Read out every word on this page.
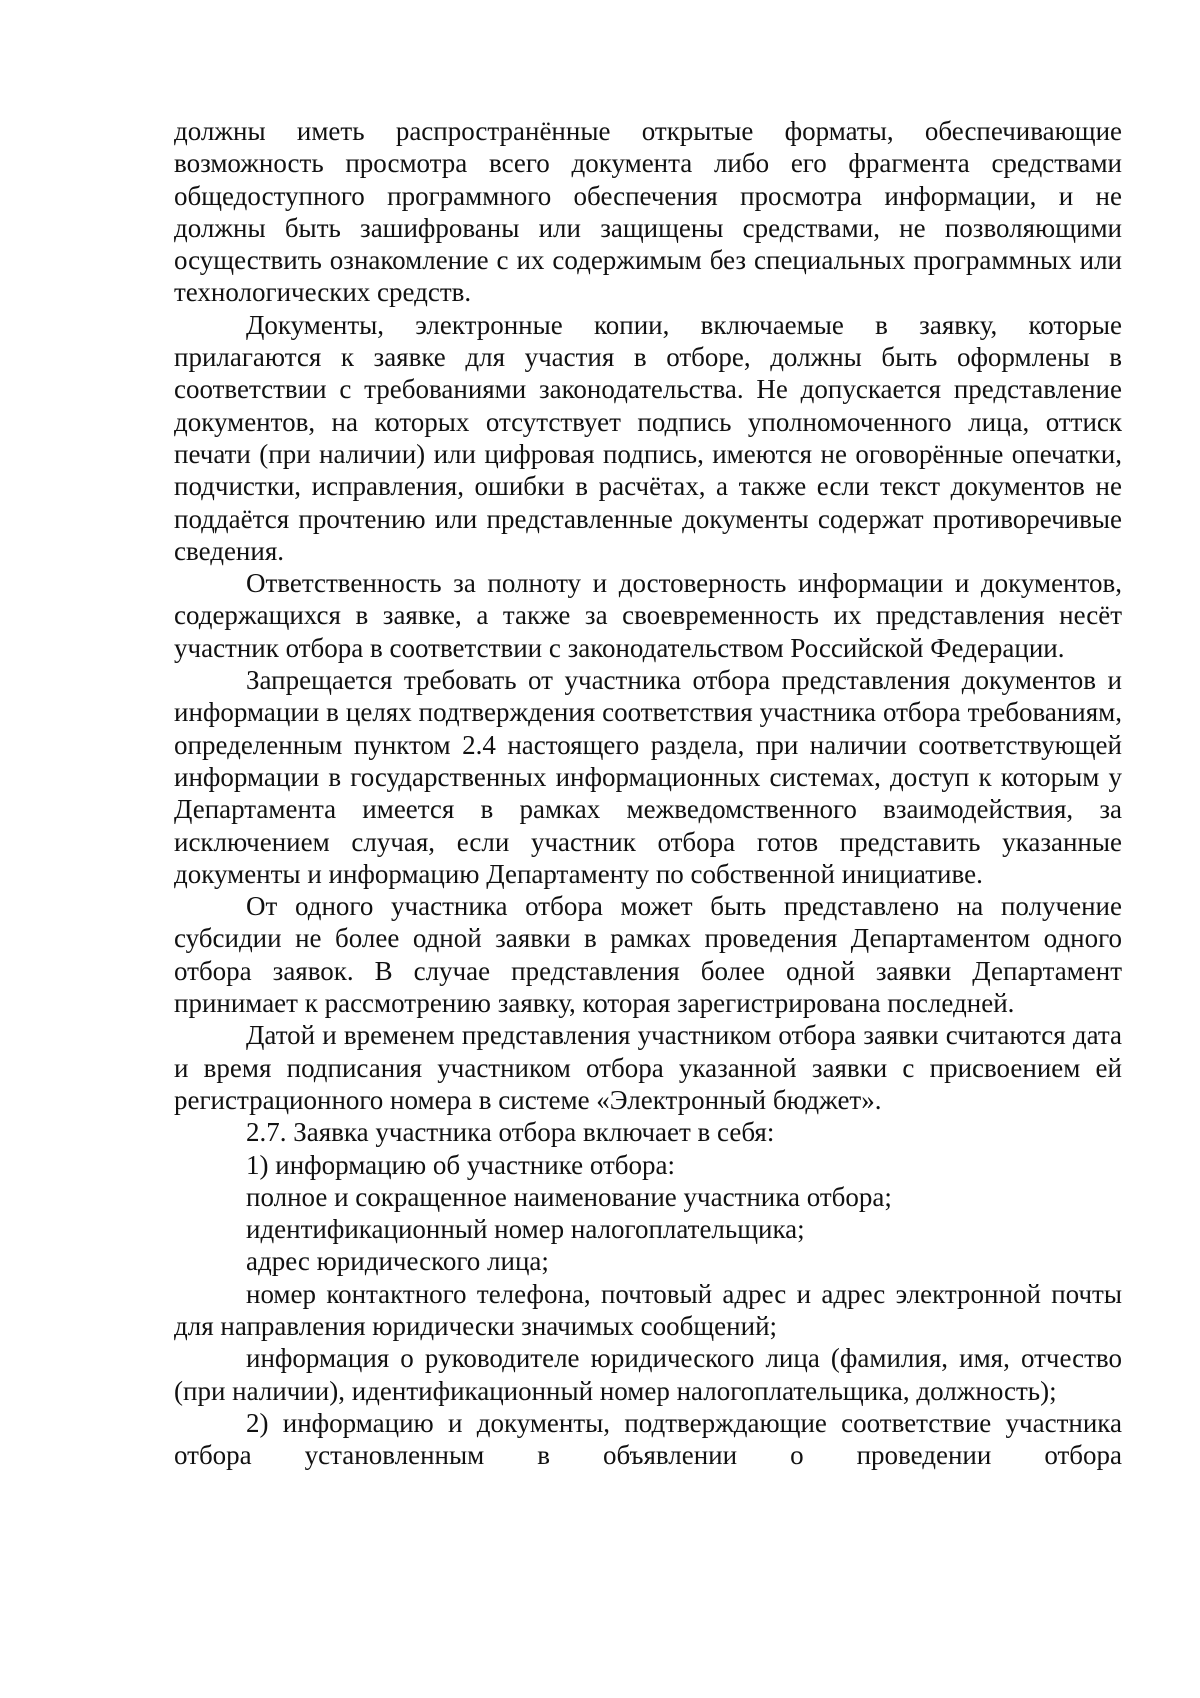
должны иметь распространённые открытые форматы, обеспечивающие возможность просмотра всего документа либо его фрагмента средствами общедоступного программного обеспечения просмотра информации, и не должны быть зашифрованы или защищены средствами, не позволяющими осуществить ознакомление с их содержимым без специальных программных или технологических средств.

Документы, электронные копии, включаемые в заявку, которые прилагаются к заявке для участия в отборе, должны быть оформлены в соответствии с требованиями законодательства. Не допускается представление документов, на которых отсутствует подпись уполномоченного лица, оттиск печати (при наличии) или цифровая подпись, имеются не оговорённые опечатки, подчистки, исправления, ошибки в расчётах, а также если текст документов не поддаётся прочтению или представленные документы содержат противоречивые сведения.

Ответственность за полноту и достоверность информации и документов, содержащихся в заявке, а также за своевременность их представления несёт участник отбора в соответствии с законодательством Российской Федерации.

Запрещается требовать от участника отбора представления документов и информации в целях подтверждения соответствия участника отбора требованиям, определенным пунктом 2.4 настоящего раздела, при наличии соответствующей информации в государственных информационных системах, доступ к которым у Департамента имеется в рамках межведомственного взаимодействия, за исключением случая, если участник отбора готов представить указанные документы и информацию Департаменту по собственной инициативе.

От одного участника отбора может быть представлено на получение субсидии не более одной заявки в рамках проведения Департаментом одного отбора заявок. В случае представления более одной заявки Департамент принимает к рассмотрению заявку, которая зарегистрирована последней.

Датой и временем представления участником отбора заявки считаются дата и время подписания участником отбора указанной заявки с присвоением ей регистрационного номера в системе «Электронный бюджет».

2.7. Заявка участника отбора включает в себя:

1) информацию об участнике отбора:

полное и сокращенное наименование участника отбора;

идентификационный номер налогоплательщика;

адрес юридического лица;

номер контактного телефона, почтовый адрес и адрес электронной почты для направления юридически значимых сообщений;

информация о руководителе юридического лица (фамилия, имя, отчество (при наличии), идентификационный номер налогоплательщика, должность);

2) информацию и документы, подтверждающие соответствие участника отбора установленным в объявлении о проведении отбора
